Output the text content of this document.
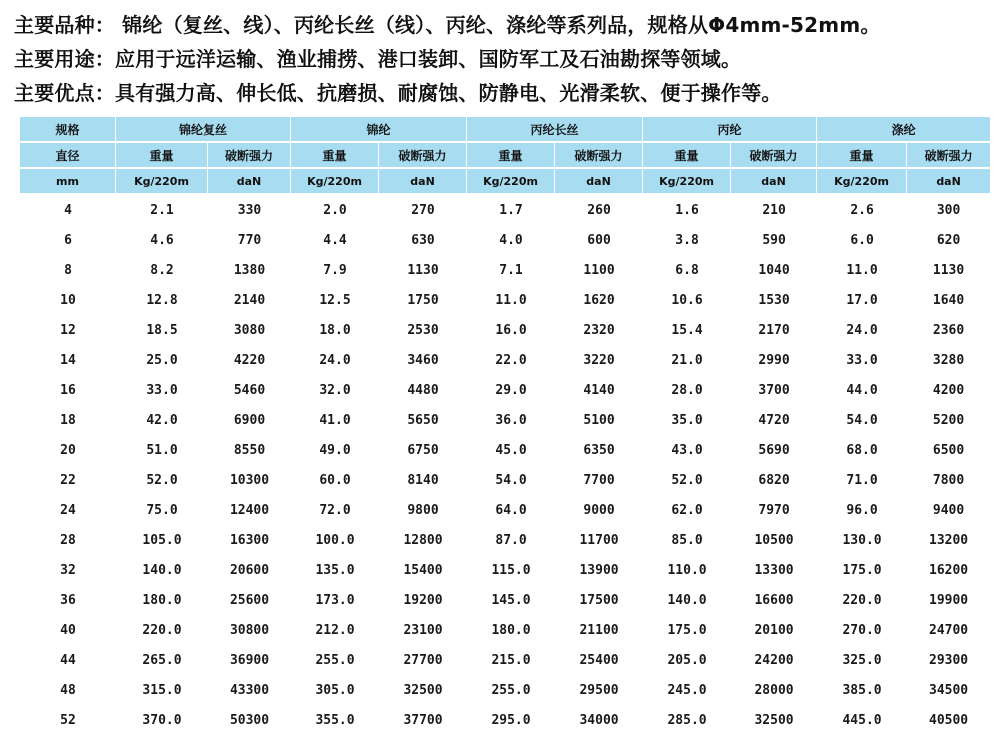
主要品种： 锦纶（复丝、线）、丙纶长丝（线）、丙纶、涤纶等系列品，规格从Φ4mm-52mm。
主要用途：应用于远洋运输、渔业捕捞、港口装卸、国防军工及石油勘探等领域。
主要优点：具有强力高、伸长低、抗磨损、耐腐蚀、防静电、光滑柔软、便于操作等。
规格	锦纶复丝		锦纶		丙纶长丝		丙纶		涤纶	
直径	重量	破断强力	重量	破断强力	重量	破断强力	重量	破断强力	重量	破断强力
mm	Kg/220m	daN	Kg/220m	daN	Kg/220m	daN	Kg/220m	daN	Kg/220m	daN
4	2.1	330	2.0	270	1.7	260	1.6	210	2.6	300
6	4.6	770	4.4	630	4.0	600	3.8	590	6.0	620
8	8.2	1380	7.9	1130	7.1	1100	6.8	1040	11.0	1130
10	12.8	2140	12.5	1750	11.0	1620	10.6	1530	17.0	1640
12	18.5	3080	18.0	2530	16.0	2320	15.4	2170	24.0	2360
14	25.0	4220	24.0	3460	22.0	3220	21.0	2990	33.0	3280
16	33.0	5460	32.0	4480	29.0	4140	28.0	3700	44.0	4200
18	42.0	6900	41.0	5650	36.0	5100	35.0	4720	54.0	5200
20	51.0	8550	49.0	6750	45.0	6350	43.0	5690	68.0	6500
22	52.0	10300	60.0	8140	54.0	7700	52.0	6820	71.0	7800
24	75.0	12400	72.0	9800	64.0	9000	62.0	7970	96.0	9400
28	105.0	16300	100.0	12800	87.0	11700	85.0	10500	130.0	13200
32	140.0	20600	135.0	15400	115.0	13900	110.0	13300	175.0	16200
36	180.0	25600	173.0	19200	145.0	17500	140.0	16600	220.0	19900
40	220.0	30800	212.0	23100	180.0	21100	175.0	20100	270.0	24700
44	265.0	36900	255.0	27700	215.0	25400	205.0	24200	325.0	29300
48	315.0	43300	305.0	32500	255.0	29500	245.0	28000	385.0	34500
52	370.0	50300	355.0	37700	295.0	34000	285.0	32500	445.0	40500
